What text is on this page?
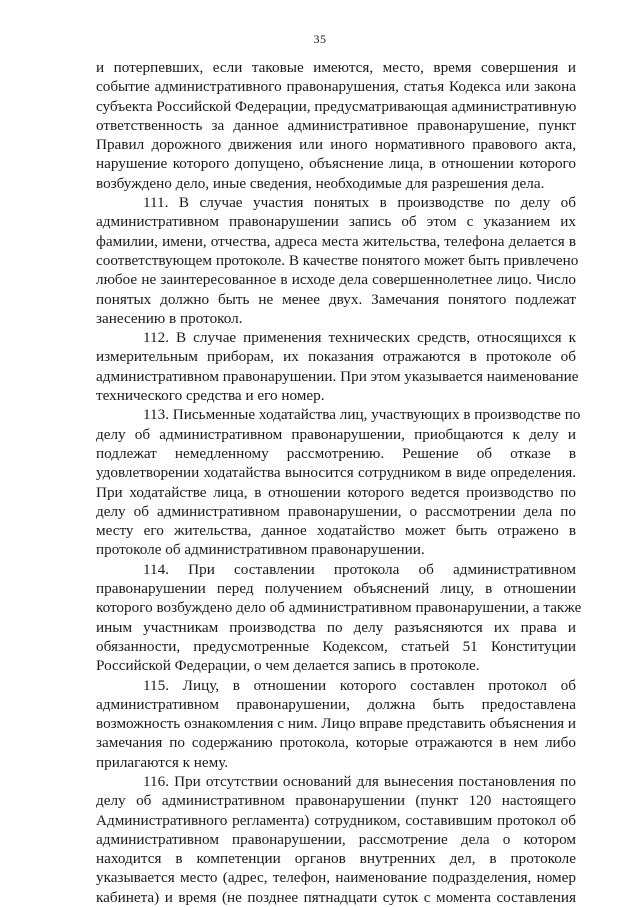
35

и потерпевших, если таковые имеются, место, время совершения и
событие административного правонарушения, статья Кодекса или закона
субъекта Российской Федерации, предусматривающая административную
ответственность за данное административное правонарушение, пункт
Правил дорожного движения или иного нормативного правового акта,
нарушение которого допущено, объяснение лица, в отношении которого
возбуждено дело, иные сведения, необходимые для разрешения дела.

111. В случае участия понятых в производстве по делу об
административном правонарушении запись об этом с указанием их
фамилии, имени, отчества, адреса места жительства, телефона делается в
соответствующем протоколе. В качестве понятого может быть привлечено
любое не заинтересованное в исходе дела совершеннолетнее лицо. Число
понятых должно быть не менее двух. Замечания понятого подлежат
занесению в протокол.

112. В случае применения технических средств, относящихся к
измерительным приборам, их показания отражаются в протоколе об
административном правонарушении. При этом указывается наименование
технического средства и его номер.

113. Письменные ходатайства лиц, участвующих в производстве по
делу об административном правонарушении, приобщаются к делу и
подлежат немедленному рассмотрению. Решение об отказе в
удовлетворении ходатайства выносится сотрудником в виде определения.
При ходатайстве лица, в отношении которого ведется производство по
делу об административном правонарушении, о рассмотрении дела по
месту его жительства, данное ходатайство может быть отражено в
протоколе об административном правонарушении.

114. При составлении протокола об административном
правонарушении перед получением объяснений лицу, в отношении
которого возбуждено дело об административном правонарушении, а также
иным участникам производства по делу разъясняются их права и
обязанности, предусмотренные Кодексом, статьей 51 Конституции
Российской Федерации, о чем делается запись в протоколе.

115. Лицу, в отношении которого составлен протокол об
административном правонарушении, должна быть предоставлена
возможность ознакомления с ним. Лицо вправе представить объяснения и
замечания по содержанию протокола, которые отражаются в нем либо
прилагаются к нему.

116. При отсутствии оснований для вынесения постановления по
делу об административном правонарушении (пункт 120 настоящего
Административного регламента) сотрудником, составившим протокол об
административном правонарушении, рассмотрение дела о котором
находится в компетенции органов внутренних дел, в протоколе
указывается место (адрес, телефон, наименование подразделения, номер
кабинета) и время (не позднее пятнадцати суток с момента составления
